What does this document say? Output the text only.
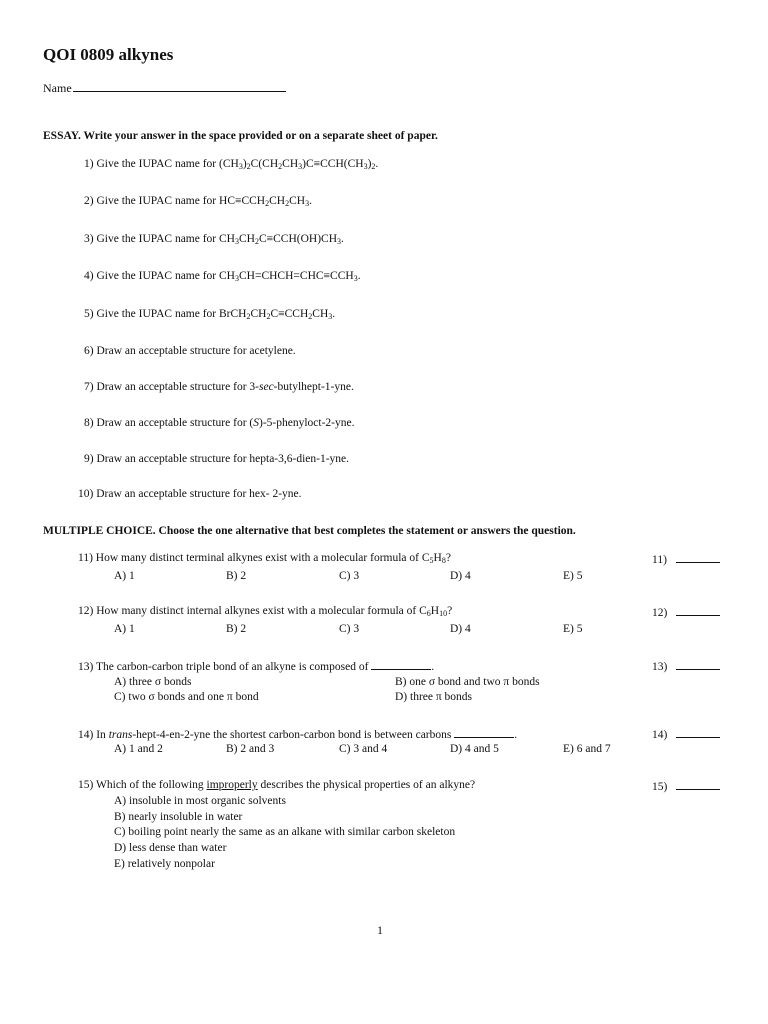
QOI 0809 alkynes
Name
ESSAY. Write your answer in the space provided or on a separate sheet of paper.
1) Give the IUPAC name for $(CH_3)_2C(CH_2CH_3)C\equiv CCH(CH_3)_2$.
2) Give the IUPAC name for $HC\equiv CCH_2CH_2CH_3$.
3) Give the IUPAC name for $CH_3CH_2C\equiv CCH(OH)CH_3$.
4) Give the IUPAC name for $CH_3CH=CHCH=CHC\equiv CCH_3$.
5) Give the IUPAC name for $BrCH_2CH_2C\equiv CCH_2CH_3$.
6) Draw an acceptable structure for acetylene.
7) Draw an acceptable structure for 3-sec-butylhept-1-yne.
8) Draw an acceptable structure for (S)-5-phenyloct-2-yne.
9) Draw an acceptable structure for hepta-3,6-dien-1-yne.
10) Draw an acceptable structure for hex- 2-yne.
MULTIPLE CHOICE. Choose the one alternative that best completes the statement or answers the question.
11) How many distinct terminal alkynes exist with a molecular formula of $C_5H_8$?	11)
A) 1	B) 2	C) 3	D) 4	E) 5
12) How many distinct internal alkynes exist with a molecular formula of $C_6H_{10}$?	12)
A) 1	B) 2	C) 3	D) 4	E) 5
13) The carbon-carbon triple bond of an alkyne is composed of	.	13)
A) three σ bonds	B) one σ bond and two π bonds
C) two σ bonds and one π bond	D) three π bonds
14) In trans-hept-4-en-2-yne the shortest carbon-carbon bond is between carbons	.	14)
A) 1 and 2	B) 2 and 3	C) 3 and 4	D) 4 and 5	E) 6 and 7
15) Which of the following improperly describes the physical properties of an alkyne?	15)
A) insoluble in most organic solvents
B) nearly insoluble in water
C) boiling point nearly the same as an alkane with similar carbon skeleton
D) less dense than water
E) relatively nonpolar
1
